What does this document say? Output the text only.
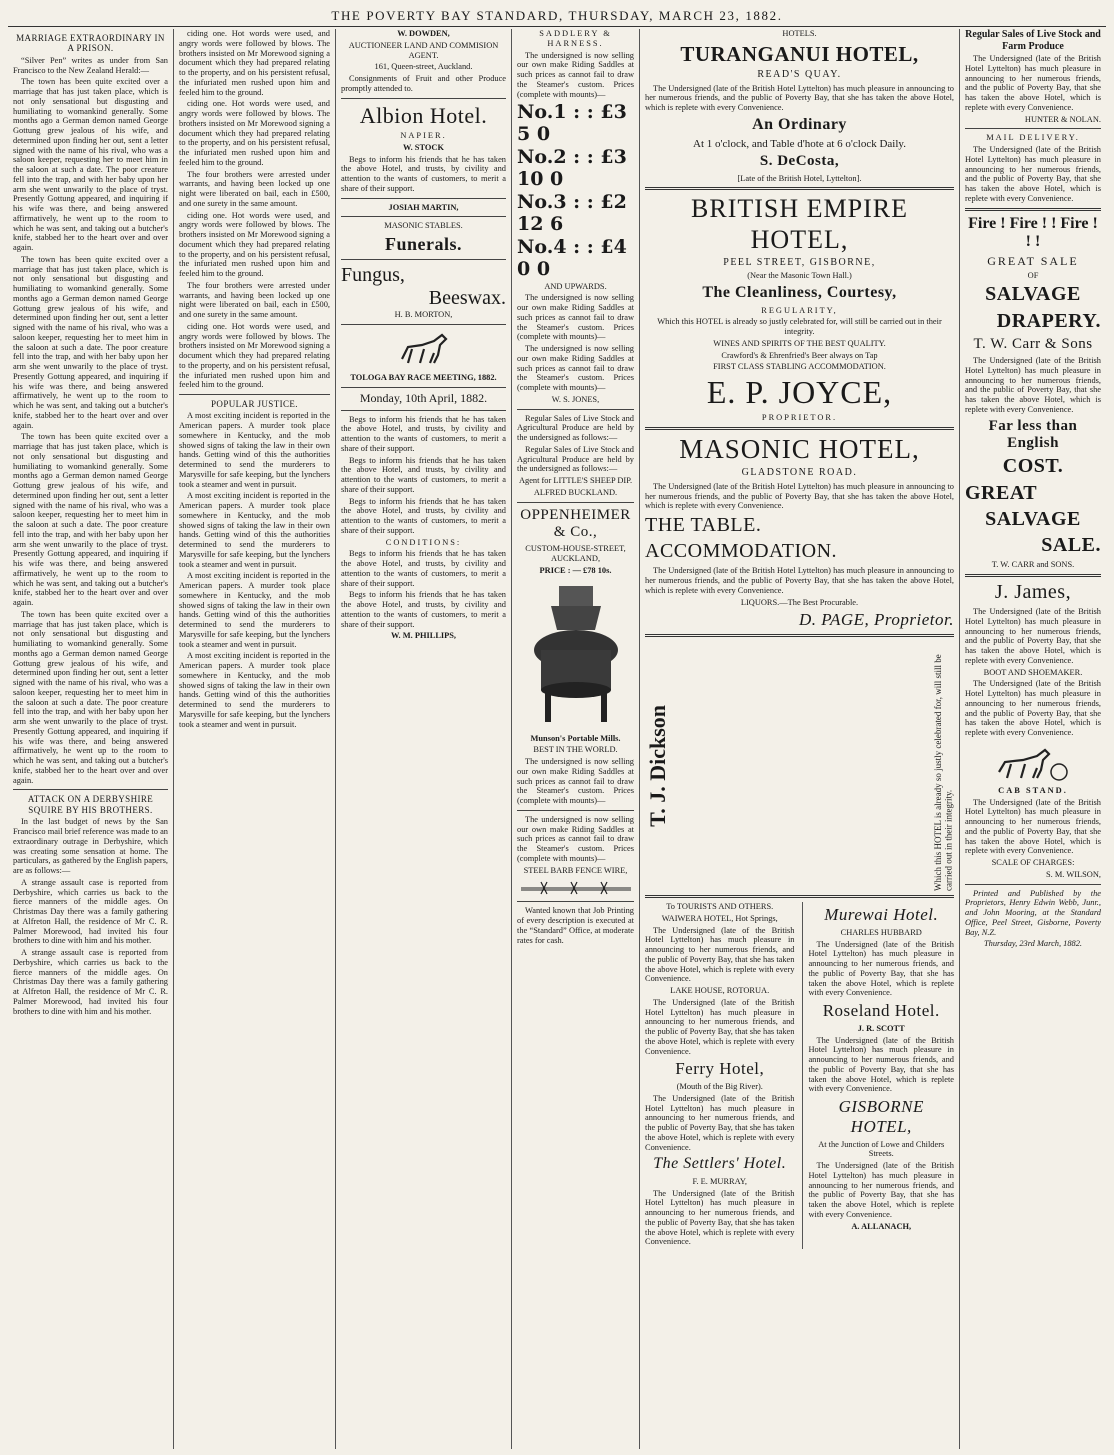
THE POVERTY BAY STANDARD, THURSDAY, MARCH 23, 1882.
MARRIAGE EXTRAORDINARY IN A PRISON.

“Silver Pen” writes as under from San Francisco to the New Zealand Herald:—

The town has been quite excited over a marriage that has just taken place, which is not only sensational but disgusting and humiliating to womankind generally. Some months ago a German demon named George Gottung grew jealous of his wife, and determined upon finding her out, sent a letter signed with the name of his rival, who was a saloon keeper, requesting her to meet him in the saloon at such a date. The poor creature fell into the trap, and with her baby upon her arm she went unwarily to the place of tryst. Presently Gottung appeared, and inquiring if his wife was there, and being answered affirmatively, he went up to the room to which he was sent, and taking out a butcher's knife, stabbed her to the heart over and over again.

The town has been quite excited over a marriage that has just taken place, which is not only sensational but disgusting and humiliating to womankind generally. Some months ago a German demon named George Gottung grew jealous of his wife, and determined upon finding her out, sent a letter signed with the name of his rival, who was a saloon keeper, requesting her to meet him in the saloon at such a date. The poor creature fell into the trap, and with her baby upon her arm she went unwarily to the place of tryst. Presently Gottung appeared, and inquiring if his wife was there, and being answered affirmatively, he went up to the room to which he was sent, and taking out a butcher's knife, stabbed her to the heart over and over again.

The town has been quite excited over a marriage that has just taken place, which is not only sensational but disgusting and humiliating to womankind generally. Some months ago a German demon named George Gottung grew jealous of his wife, and determined upon finding her out, sent a letter signed with the name of his rival, who was a saloon keeper, requesting her to meet him in the saloon at such a date. The poor creature fell into the trap, and with her baby upon her arm she went unwarily to the place of tryst. Presently Gottung appeared, and inquiring if his wife was there, and being answered affirmatively, he went up to the room to which he was sent, and taking out a butcher's knife, stabbed her to the heart over and over again.

The town has been quite excited over a marriage that has just taken place, which is not only sensational but disgusting and humiliating to womankind generally. Some months ago a German demon named George Gottung grew jealous of his wife, and determined upon finding her out, sent a letter signed with the name of his rival, who was a saloon keeper, requesting her to meet him in the saloon at such a date. The poor creature fell into the trap, and with her baby upon her arm she went unwarily to the place of tryst. Presently Gottung appeared, and inquiring if his wife was there, and being answered affirmatively, he went up to the room to which he was sent, and taking out a butcher's knife, stabbed her to the heart over and over again.

ATTACK ON A DERBYSHIRE SQUIRE BY HIS BROTHERS.

In the last budget of news by the San Francisco mail brief reference was made to an extraordinary outrage in Derbyshire, which was creating some sensation at home. The particulars, as gathered by the English papers, are as follows:—

A strange assault case is reported from Derbyshire, which carries us back to the fierce manners of the middle ages. On Christmas Day there was a family gathering at Alfreton Hall, the residence of Mr C. R. Palmer Morewood, had invited his four brothers to dine with him and his mother.

A strange assault case is reported from Derbyshire, which carries us back to the fierce manners of the middle ages. On Christmas Day there was a family gathering at Alfreton Hall, the residence of Mr C. R. Palmer Morewood, had invited his four brothers to dine with him and his mother.

ciding one. Hot words were used, and angry words were followed by blows. The brothers insisted on Mr Morewood signing a document which they had prepared relating to the property, and on his persistent refusal, the infuriated men rushed upon him and feeled him to the ground.

ciding one. Hot words were used, and angry words were followed by blows. The brothers insisted on Mr Morewood signing a document which they had prepared relating to the property, and on his persistent refusal, the infuriated men rushed upon him and feeled him to the ground.

The four brothers were arrested under warrants, and having been locked up one night were liberated on bail, each in £500, and one surety in the same amount.

ciding one. Hot words were used, and angry words were followed by blows. The brothers insisted on Mr Morewood signing a document which they had prepared relating to the property, and on his persistent refusal, the infuriated men rushed upon him and feeled him to the ground.

The four brothers were arrested under warrants, and having been locked up one night were liberated on bail, each in £500, and one surety in the same amount.

ciding one. Hot words were used, and angry words were followed by blows. The brothers insisted on Mr Morewood signing a document which they had prepared relating to the property, and on his persistent refusal, the infuriated men rushed upon him and feeled him to the ground.

POPULAR JUSTICE.

A most exciting incident is reported in the American papers. A murder took place somewhere in Kentucky, and the mob showed signs of taking the law in their own hands. Getting wind of this the authorities determined to send the murderers to Marysville for safe keeping, but the lynchers took a steamer and went in pursuit.

A most exciting incident is reported in the American papers. A murder took place somewhere in Kentucky, and the mob showed signs of taking the law in their own hands. Getting wind of this the authorities determined to send the murderers to Marysville for safe keeping, but the lynchers took a steamer and went in pursuit.

A most exciting incident is reported in the American papers. A murder took place somewhere in Kentucky, and the mob showed signs of taking the law in their own hands. Getting wind of this the authorities determined to send the murderers to Marysville for safe keeping, but the lynchers took a steamer and went in pursuit.

A most exciting incident is reported in the American papers. A murder took place somewhere in Kentucky, and the mob showed signs of taking the law in their own hands. Getting wind of this the authorities determined to send the murderers to Marysville for safe keeping, but the lynchers took a steamer and went in pursuit.

W. DOWDEN,

AUCTIONEER LAND AND COMMISION AGENT.

161, Queen-street, Auckland.

Consignments of Fruit and other Produce promptly attended to.

Albion Hotel.

NAPIER.

W. STOCK

Begs to inform his friends that he has taken the above Hotel, and trusts, by civility and attention to the wants of customers, to merit a share of their support.

JOSIAH MARTIN,

MASONIC STABLES.

Funerals.
Fungus,
Beeswax.

H. B. MORTON,

TOLOGA BAY RACE MEETING, 1882.

Monday, 10th April, 1882.

Begs to inform his friends that he has taken the above Hotel, and trusts, by civility and attention to the wants of customers, to merit a share of their support.

Begs to inform his friends that he has taken the above Hotel, and trusts, by civility and attention to the wants of customers, to merit a share of their support.

Begs to inform his friends that he has taken the above Hotel, and trusts, by civility and attention to the wants of customers, to merit a share of their support.

CONDITIONS:

Begs to inform his friends that he has taken the above Hotel, and trusts, by civility and attention to the wants of customers, to merit a share of their support.

Begs to inform his friends that he has taken the above Hotel, and trusts, by civility and attention to the wants of customers, to merit a share of their support.

W. M. PHILLIPS,

SADDLERY & HARNESS.

The undersigned is now selling our own make Riding Saddles at such prices as cannot fail to draw the Steamer's custom. Prices (complete with mounts)—

No.1 : : £3 5 0
No.2 : : £3 10 0
No.3 : : £2 12 6
No.4 : : £4 0 0

AND UPWARDS.

The undersigned is now selling our own make Riding Saddles at such prices as cannot fail to draw the Steamer's custom. Prices (complete with mounts)—

The undersigned is now selling our own make Riding Saddles at such prices as cannot fail to draw the Steamer's custom. Prices (complete with mounts)—

W. S. JONES,

Regular Sales of Live Stock and Agricultural Produce are held by the undersigned as follows:—

Regular Sales of Live Stock and Agricultural Produce are held by the undersigned as follows:—

Agent for LITTLE'S SHEEP DIP.

ALFRED BUCKLAND.

OPPENHEIMER & Co.,

CUSTOM-HOUSE-STREET, AUCKLAND,

PRICE : — £78 10s.

Munson's Portable Mills.

BEST IN THE WORLD.

The undersigned is now selling our own make Riding Saddles at such prices as cannot fail to draw the Steamer's custom. Prices (complete with mounts)—

The undersigned is now selling our own make Riding Saddles at such prices as cannot fail to draw the Steamer's custom. Prices (complete with mounts)—

STEEL BARB FENCE WIRE,

Wanted known that Job Printing of every description is executed at the “Standard” Office, at moderate rates for cash.

HOTELS.

TURANGANUI HOTEL,
READ'S QUAY.

The Undersigned (late of the British Hotel Lyttelton) has much pleasure in announcing to her numerous friends, and the public of Poverty Bay, that she has taken the above Hotel, which is replete with every Convenience.

An Ordinary

At 1 o'clock, and Table d'hote at 6 o'clock Daily.

S. DeCosta,

[Late of the British Hotel, Lyttelton].

BRITISH EMPIRE HOTEL,
PEEL STREET, GISBORNE,

(Near the Masonic Town Hall.)

The Cleanliness, Courtesy,

REGULARITY,

Which this HOTEL is already so justly celebrated for, will still be carried out in their integrity.

WINES AND SPIRITS OF THE BEST QUALITY.

Crawford's & Ehrenfried's Beer always on Tap

FIRST CLASS STABLING ACCOMMODATION.

E. P. JOYCE,

PROPRIETOR.

MASONIC HOTEL,
GLADSTONE ROAD.

The Undersigned (late of the British Hotel Lyttelton) has much pleasure in announcing to her numerous friends, and the public of Poverty Bay, that she has taken the above Hotel, which is replete with every Convenience.

THE TABLE.
ACCOMMODATION.

The Undersigned (late of the British Hotel Lyttelton) has much pleasure in announcing to her numerous friends, and the public of Poverty Bay, that she has taken the above Hotel, which is replete with every Convenience.

LIQUORS.—The Best Procurable.

D. PAGE, Proprietor.
T. J. Dickson	Which this HOTEL is already so justly celebrated for, will still be carried out in their integrity.

To TOURISTS AND OTHERS.

WAIWERA HOTEL, Hot Springs,

The Undersigned (late of the British Hotel Lyttelton) has much pleasure in announcing to her numerous friends, and the public of Poverty Bay, that she has taken the above Hotel, which is replete with every Convenience.

LAKE HOUSE, ROTORUA.

The Undersigned (late of the British Hotel Lyttelton) has much pleasure in announcing to her numerous friends, and the public of Poverty Bay, that she has taken the above Hotel, which is replete with every Convenience.

Ferry Hotel,

(Mouth of the Big River).

The Undersigned (late of the British Hotel Lyttelton) has much pleasure in announcing to her numerous friends, and the public of Poverty Bay, that she has taken the above Hotel, which is replete with every Convenience.

The Settlers' Hotel.

F. E. MURRAY,

The Undersigned (late of the British Hotel Lyttelton) has much pleasure in announcing to her numerous friends, and the public of Poverty Bay, that she has taken the above Hotel, which is replete with every Convenience.

Murewai Hotel.

CHARLES HUBBARD

The Undersigned (late of the British Hotel Lyttelton) has much pleasure in announcing to her numerous friends, and the public of Poverty Bay, that she has taken the above Hotel, which is replete with every Convenience.

Roseland Hotel.

J. R. SCOTT

The Undersigned (late of the British Hotel Lyttelton) has much pleasure in announcing to her numerous friends, and the public of Poverty Bay, that she has taken the above Hotel, which is replete with every Convenience.

GISBORNE HOTEL,

At the Junction of Lowe and Childers Streets.

The Undersigned (late of the British Hotel Lyttelton) has much pleasure in announcing to her numerous friends, and the public of Poverty Bay, that she has taken the above Hotel, which is replete with every Convenience.

A. ALLANACH,

Regular Sales of Live Stock and Farm Produce

The Undersigned (late of the British Hotel Lyttelton) has much pleasure in announcing to her numerous friends, and the public of Poverty Bay, that she has taken the above Hotel, which is replete with every Convenience.

HUNTER & NOLAN.

MAIL DELIVERY.

The Undersigned (late of the British Hotel Lyttelton) has much pleasure in announcing to her numerous friends, and the public of Poverty Bay, that she has taken the above Hotel, which is replete with every Convenience.

Fire ! Fire ! ! Fire ! ! !

GREAT SALE

OF

SALVAGE
DRAPERY.
T. W. Carr & Sons

The Undersigned (late of the British Hotel Lyttelton) has much pleasure in announcing to her numerous friends, and the public of Poverty Bay, that she has taken the above Hotel, which is replete with every Convenience.

Far less than English
COST.
GREAT
SALVAGE
SALE.

T. W. CARR and SONS.

J. James,

The Undersigned (late of the British Hotel Lyttelton) has much pleasure in announcing to her numerous friends, and the public of Poverty Bay, that she has taken the above Hotel, which is replete with every Convenience.

BOOT AND SHOEMAKER.

The Undersigned (late of the British Hotel Lyttelton) has much pleasure in announcing to her numerous friends, and the public of Poverty Bay, that she has taken the above Hotel, which is replete with every Convenience.

CAB STAND.

The Undersigned (late of the British Hotel Lyttelton) has much pleasure in announcing to her numerous friends, and the public of Poverty Bay, that she has taken the above Hotel, which is replete with every Convenience.

SCALE OF CHARGES:

S. M. WILSON,

Printed and Published by the Proprietors, Henry Edwin Webb, Junr., and John Mooring, at the Standard Office, Peel Street, Gisborne, Poverty Bay, N.Z.

Thursday, 23rd March, 1882.
